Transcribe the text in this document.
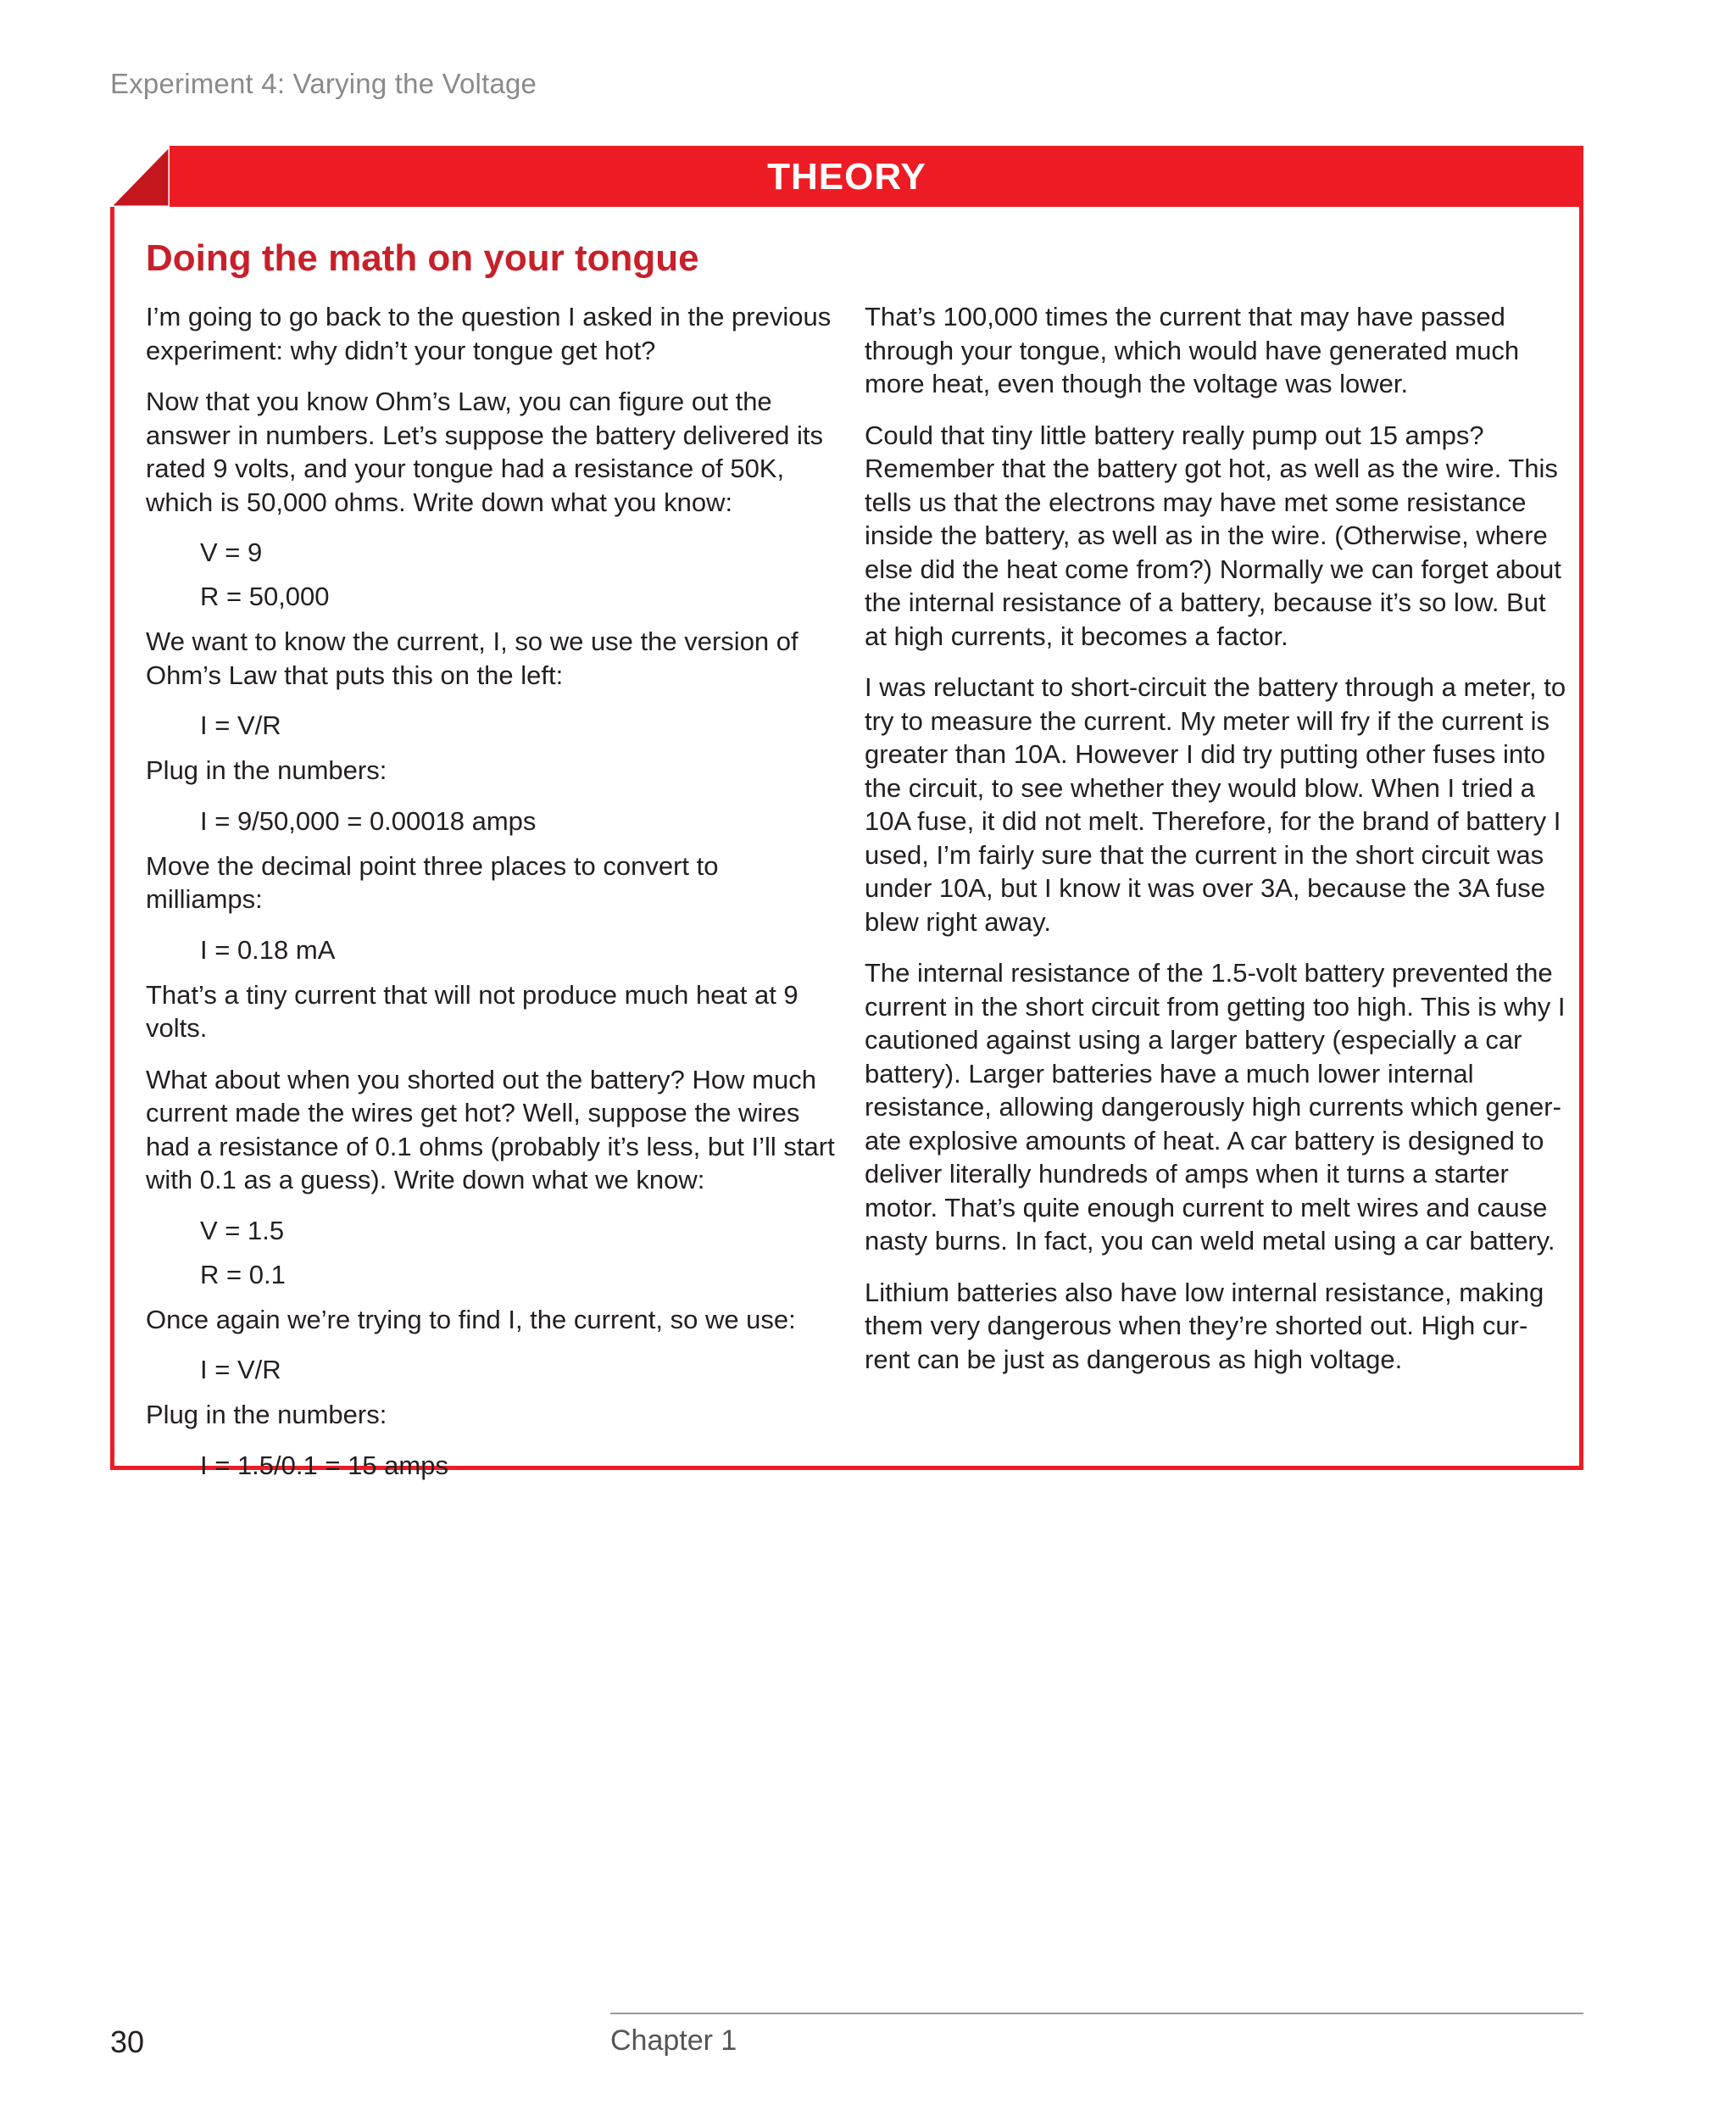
Experiment 4: Varying the Voltage
THEORY
Doing the math on your tongue

I’m going to go back to the question I asked in the previous experiment: why didn’t your tongue get hot?

Now that you know Ohm’s Law, you can figure out the answer in numbers. Let’s suppose the battery delivered its rated 9 volts, and your tongue had a resistance of 50K, which is 50,000 ohms. Write down what you know:

V = 9

R = 50,000

We want to know the current, I, so we use the version of Ohm’s Law that puts this on the left:

I = V/R

Plug in the numbers:

I = 9/50,000 = 0.00018 amps

Move the decimal point three places to convert to milliamps:

I = 0.18 mA

That’s a tiny current that will not produce much heat at 9 volts.

What about when you shorted out the battery? How much current made the wires get hot? Well, suppose the wires had a resistance of 0.1 ohms (probably it’s less, but I’ll start with 0.1 as a guess). Write down what we know:

V = 1.5

R = 0.1

Once again we’re trying to find I, the current, so we use:

I = V/R

Plug in the numbers:

I = 1.5/0.1 = 15 amps

That’s 100,000 times the current that may have passed through your tongue, which would have generated much more heat, even though the voltage was lower.

Could that tiny little battery really pump out 15 amps? Remember that the battery got hot, as well as the wire. This tells us that the electrons may have met some resistance inside the battery, as well as in the wire. (Otherwise, where else did the heat come from?) Normally we can forget about the internal resistance of a battery, because it’s so low. But at high currents, it becomes a factor.

I was reluctant to short-circuit the battery through a meter, to try to measure the current. My meter will fry if the current is greater than 10A. However I did try putting other fuses into the circuit, to see whether they would blow. When I tried a 10A fuse, it did not melt. Therefore, for the brand of battery I used, I’m fairly sure that the current in the short circuit was under 10A, but I know it was over 3A, because the 3A fuse blew right away.

The internal resistance of the 1.5-volt battery prevented the current in the short circuit from getting too high. This is why I cautioned against using a larger battery (especially a car battery). Larger batteries have a much lower internal resistance, allowing dangerously high currents which gener-ate explosive amounts of heat. A car battery is designed to deliver literally hundreds of amps when it turns a starter motor. That’s quite enough current to melt wires and cause nasty burns. In fact, you can weld metal using a car battery.

Lithium batteries also have low internal resistance, making them very dangerous when they’re shorted out. High cur-rent can be just as dangerous as high voltage.

30	Chapter 1
